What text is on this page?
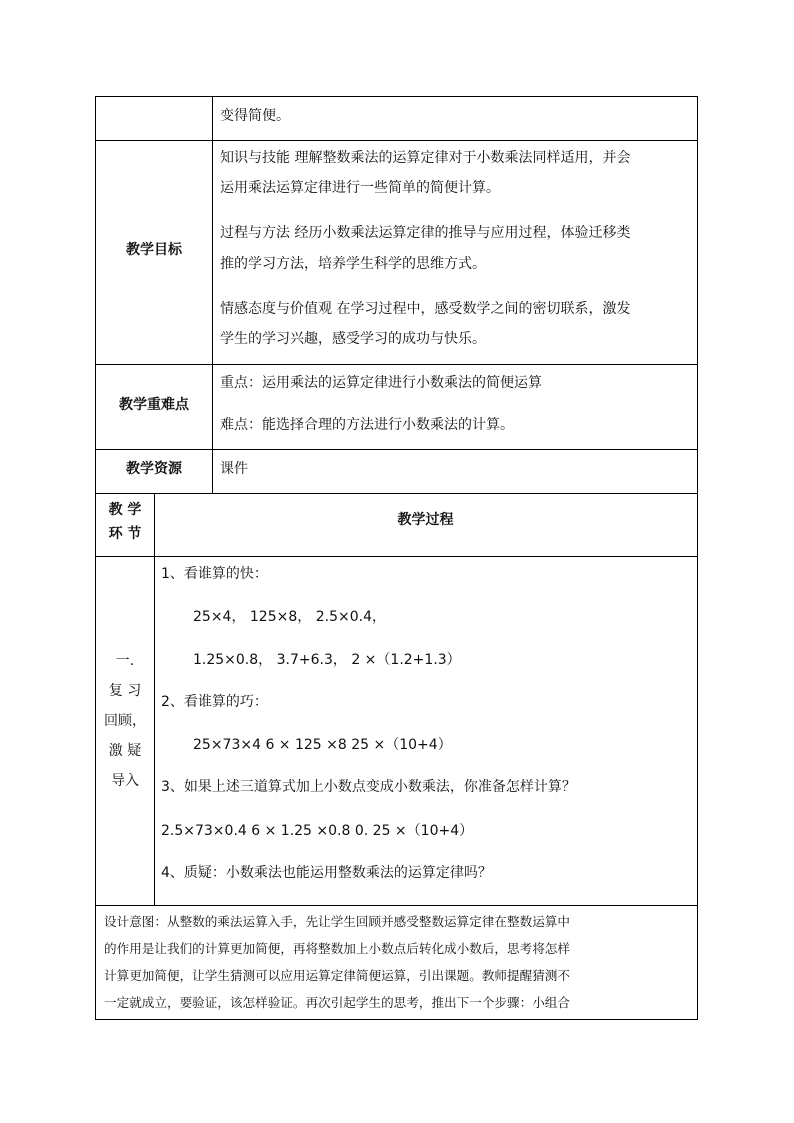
变得简便。
教学目标
知识与技能 理解整数乘法的运算定律对于小数乘法同样适用，并会
运用乘法运算定律进行一些简单的简便计算。
过程与方法 经历小数乘法运算定律的推导与应用过程，体验迁移类
推的学习方法，培养学生科学的思维方式。
情感态度与价值观 在学习过程中，感受数学之间的密切联系，激发
学生的学习兴趣，感受学习的成功与快乐。
教学重难点
重点：运用乘法的运算定律进行小数乘法的简便运算
难点：能选择合理的方法进行小数乘法的计算。
教学资源	课件
教 学
环 节
教学过程
一.
复 习
回顾，
激 疑
导入
1、看谁算的快：
25×4， 125×8， 2.5×0.4，
1.25×0.8， 3.7+6.3， 2 ×（1.2+1.3）
2、看谁算的巧：
25×73×4 6 × 125 ×8 25 ×（10+4）
3、如果上述三道算式加上小数点变成小数乘法，你准备怎样计算？
2.5×73×0.4 6 × 1.25 ×0.8 0. 25 ×（10+4）
4、质疑：小数乘法也能运用整数乘法的运算定律吗？
设计意图：从整数的乘法运算入手，先让学生回顾并感受整数运算定律在整数运算中
的作用是让我们的计算更加简便，再将整数加上小数点后转化成小数后，思考将怎样
计算更加简便，让学生猜测可以应用运算定律简便运算，引出课题。教师提醒猜测不
一定就成立，要验证，该怎样验证。再次引起学生的思考，推出下一个步骤：小组合
